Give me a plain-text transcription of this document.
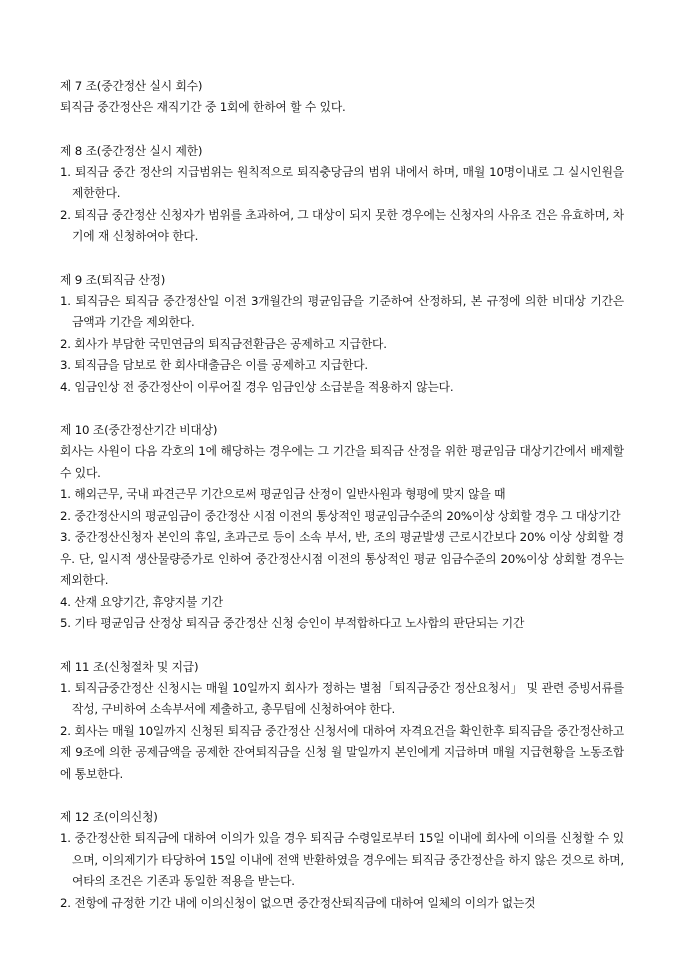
제 7 조(중간정산 실시 회수)
퇴직금 중간정산은 재직기간 중 1회에 한하여 할 수 있다.
제 8 조(중간정산 실시 제한)
1. 퇴직금 중간 정산의 지급범위는 원칙적으로 퇴직충당금의 범위 내에서 하며, 매월 10명이내로 그 실시인원을 제한한다.
2. 퇴직금 중간정산 신청자가 범위를 초과하여, 그 대상이 되지 못한 경우에는 신청자의 사유조 건은 유효하며, 차기에 재 신청하여야 한다.
제 9 조(퇴직금 산정)
1. 퇴직금은 퇴직금 중간정산일 이전 3개월간의 평균임금을 기준하여 산정하되, 본 규정에 의한 비대상 기간은 금액과 기간을 제외한다.
2. 회사가 부담한 국민연금의 퇴직금전환금은 공제하고 지급한다.
3. 퇴직금을 담보로 한 회사대출금은 이를 공제하고 지급한다.
4. 임금인상 전 중간정산이 이루어질 경우 임금인상 소급분을 적용하지 않는다.
제 10 조(중간정산기간 비대상)
회사는 사원이 다음 각호의 1에 해당하는 경우에는 그 기간을 퇴직금 산정을 위한 평균임금 대상기간에서 배제할 수 있다.
1. 해외근무, 국내 파견근무 기간으로써 평균임금 산정이 일반사원과 형평에 맞지 않을 때
2. 중간정산시의 평균임금이 중간정산 시점 이전의 통상적인 평균임금수준의 20%이상 상회할 경우 그 대상기간
3. 중간정산신청자 본인의 휴일, 초과근로 등이 소속 부서, 반, 조의 평균발생 근로시간보다 20% 이상 상회할 경우. 단, 일시적 생산물량증가로 인하여 중간정산시점 이전의 통상적인 평균 임금수준의 20%이상 상회할 경우는 제외한다.
4. 산재 요양기간, 휴양지불 기간
5. 기타 평균임금 산정상 퇴직금 중간정산 신청 승인이 부적합하다고 노사합의 판단되는 기간
제 11 조(신청절차 및 지급)
1. 퇴직금중간정산 신청시는 매월 10일까지 회사가 정하는 별첨「퇴직금중간 정산요청서」 및 관련 증빙서류를 작성, 구비하여 소속부서에 제출하고, 총무팀에 신청하여야 한다.
2. 회사는 매월 10일까지 신청된 퇴직금 중간정산 신청서에 대하여 자격요건을 확인한후 퇴직금을 중간정산하고 제 9조에 의한 공제금액을 공제한 잔여퇴직금을 신청 월 말일까지 본인에게 지급하며 매월 지급현황을 노동조합에 통보한다.
제 12 조(이의신청)
1. 중간정산한 퇴직금에 대하여 이의가 있을 경우 퇴직금 수령일로부터 15일 이내에 회사에 이의를 신청할 수 있으며, 이의제기가 타당하여 15일 이내에 전액 반환하였을 경우에는 퇴직금 중간정산을 하지 않은 것으로 하며, 여타의 조건은 기존과 동일한 적용을 받는다.
2. 전항에 규정한 기간 내에 이의신청이 없으면 중간정산퇴직금에 대하여 일체의 이의가 없는것
